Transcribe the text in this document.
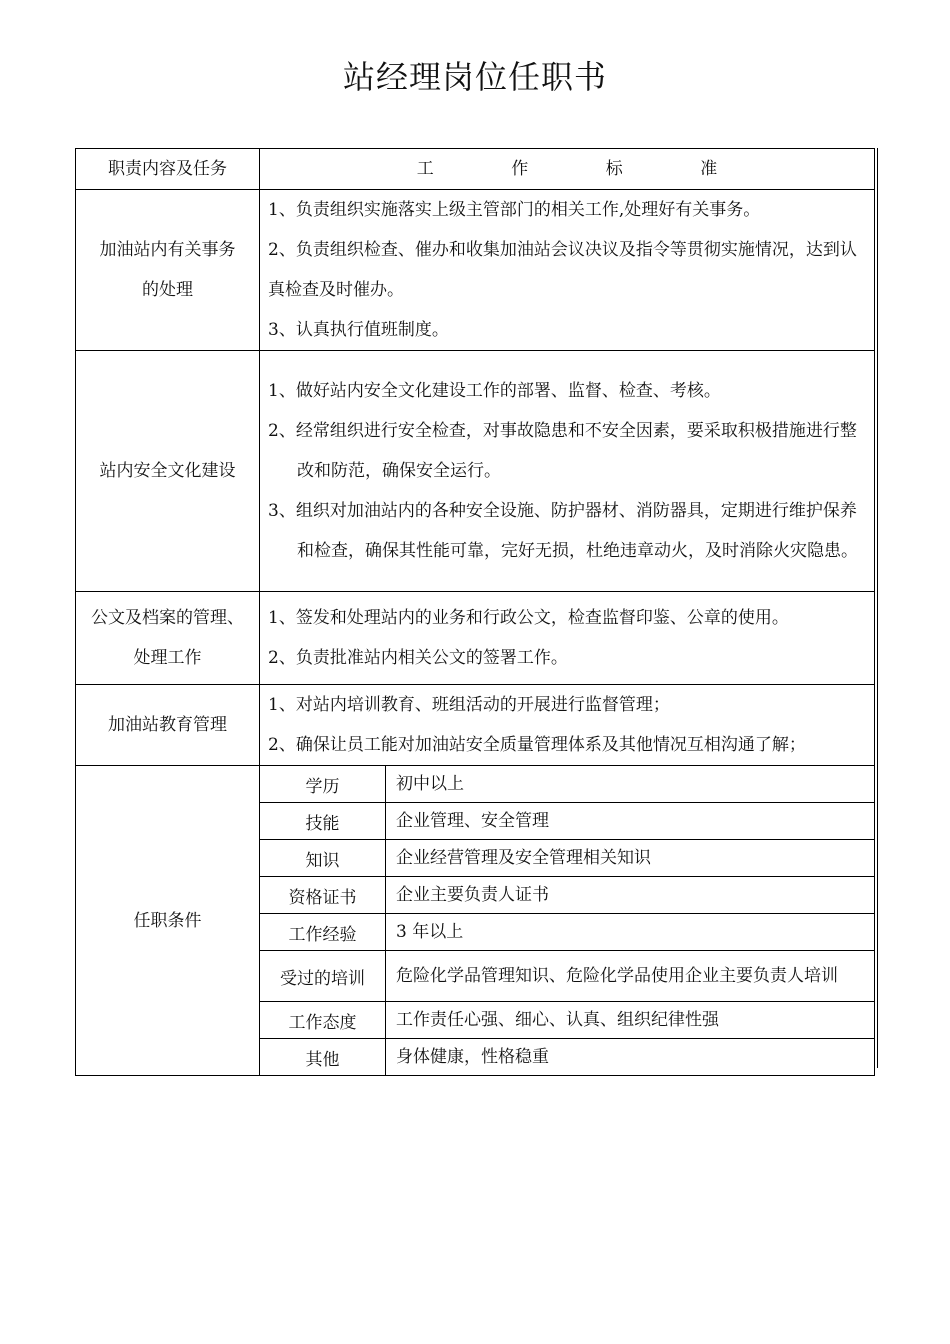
站经理岗位任职书
职责内容及任务	工	作	标	准

加油站内有关事务
的处理

1、负责组织实施落实上级主管部门的相关工作,处理好有关事务。
2、负责组织检查、催办和收集加油站会议决议及指令等贯彻实施情况，达到认真检查及时催办。
3、认真执行值班制度。

站内安全文化建设

1、做好站内安全文化建设工作的部署、监督、检查、考核。
2、经常组织进行安全检查，对事故隐患和不安全因素，要采取积极措施进行整改和防范，确保安全运行。
3、组织对加油站内的各种安全设施、防护器材、消防器具，定期进行维护保养和检查，确保其性能可靠，完好无损，杜绝违章动火，及时消除火灾隐患。

公文及档案的管理、
处理工作

1、签发和处理站内的业务和行政公文，检查监督印鉴、公章的使用。
2、负责批准站内相关公文的签署工作。

加油站教育管理

1、对站内培训教育、班组活动的开展进行监督管理；
2、确保让员工能对加油站安全质量管理体系及其他情况互相沟通了解；

任职条件	
学历	初中以上
技能	企业管理、安全管理
知识	企业经营管理及安全管理相关知识
资格证书	企业主要负责人证书
工作经验	3 年以上
受过的培训	危险化学品管理知识、危险化学品使用企业主要负责人培训
工作态度	工作责任心强、细心、认真、组织纪律性强
其他	身体健康，性格稳重
